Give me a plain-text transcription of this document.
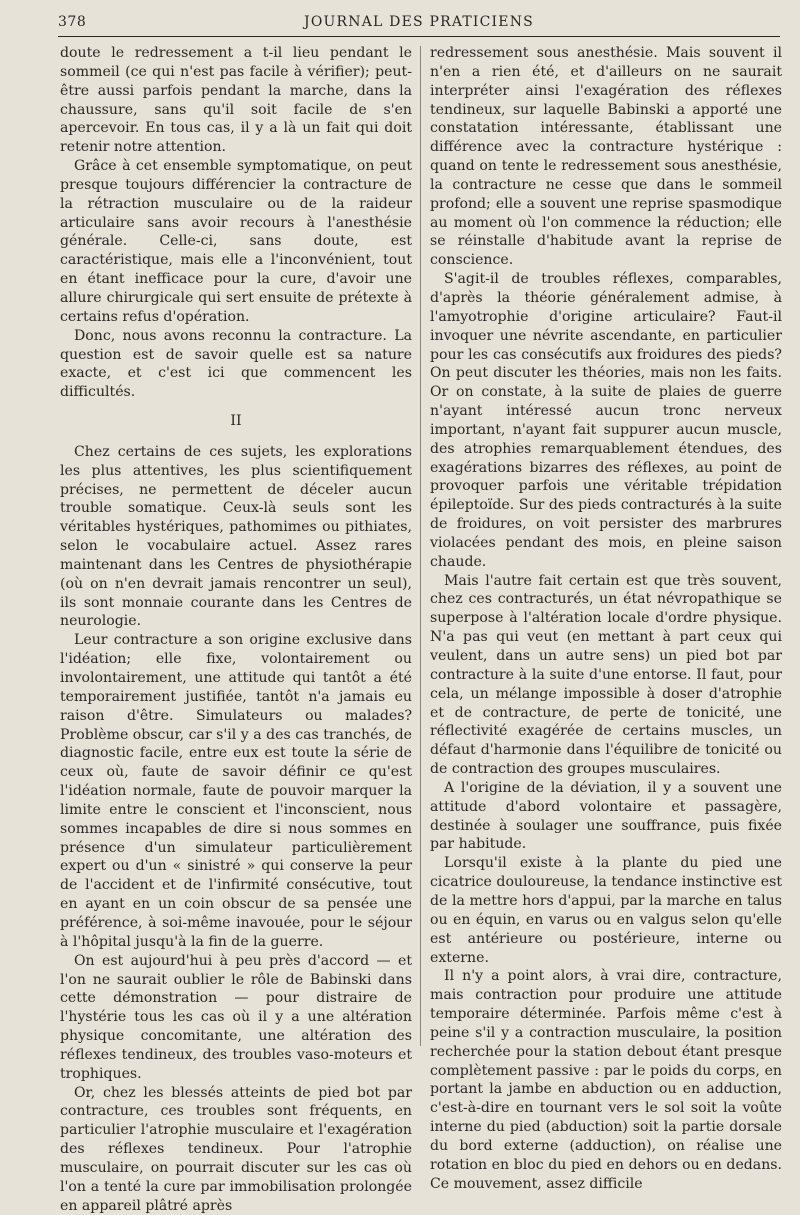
378	JOURNAL DES PRATICIENS

doute le redressement a t-il lieu pendant le sommeil (ce qui n'est pas facile à vérifier); peut-être aussi parfois pendant la marche, dans la chaussure, sans qu'il soit facile de s'en apercevoir. En tous cas, il y a là un fait qui doit retenir notre attention.

Grâce à cet ensemble symptomatique, on peut presque toujours différencier la contracture de la rétraction musculaire ou de la raideur articulaire sans avoir recours à l'anesthésie générale. Celle-ci, sans doute, est caractéristique, mais elle a l'inconvénient, tout en étant inefficace pour la cure, d'avoir une allure chirurgicale qui sert ensuite de prétexte à certains refus d'opération.

Donc, nous avons reconnu la contracture. La question est de savoir quelle est sa nature exacte, et c'est ici que commencent les difficultés.

II

Chez certains de ces sujets, les explorations les plus attentives, les plus scientifiquement précises, ne permettent de déceler aucun trouble somatique. Ceux-là seuls sont les véritables hystériques, pathomimes ou pithiates, selon le vocabulaire actuel. Assez rares maintenant dans les Centres de physiothérapie (où on n'en devrait jamais rencontrer un seul), ils sont monnaie courante dans les Centres de neurologie.

Leur contracture a son origine exclusive dans l'idéation; elle fixe, volontairement ou involontairement, une attitude qui tantôt a été temporairement justifiée, tantôt n'a jamais eu raison d'être. Simulateurs ou malades? Problème obscur, car s'il y a des cas tranchés, de diagnostic facile, entre eux est toute la série de ceux où, faute de savoir définir ce qu'est l'idéation normale, faute de pouvoir marquer la limite entre le conscient et l'inconscient, nous sommes incapables de dire si nous sommes en présence d'un simulateur particulièrement expert ou d'un « sinistré » qui conserve la peur de l'accident et de l'infirmité consécutive, tout en ayant en un coin obscur de sa pensée une préférence, à soi-même inavouée, pour le séjour à l'hôpital jusqu'à la fin de la guerre.

On est aujourd'hui à peu près d'accord — et l'on ne saurait oublier le rôle de Babinski dans cette démonstration — pour distraire de l'hystérie tous les cas où il y a une altération physique concomitante, une altération des réflexes tendineux, des troubles vaso-moteurs et trophiques.

Or, chez les blessés atteints de pied bot par contracture, ces troubles sont fréquents, en particulier l'atrophie musculaire et l'exagération des réflexes tendineux. Pour l'atrophie musculaire, on pourrait discuter sur les cas où l'on a tenté la cure par immobilisation prolongée en appareil plâtré après

redressement sous anesthésie. Mais souvent il n'en a rien été, et d'ailleurs on ne saurait interpréter ainsi l'exagération des réflexes tendineux, sur laquelle Babinski a apporté une constatation intéressante, établissant une différence avec la contracture hystérique : quand on tente le redressement sous anesthésie, la contracture ne cesse que dans le sommeil profond; elle a souvent une reprise spasmodique au moment où l'on commence la réduction; elle se réinstalle d'habitude avant la reprise de conscience.

S'agit-il de troubles réflexes, comparables, d'après la théorie généralement admise, à l'amyotrophie d'origine articulaire? Faut-il invoquer une névrite ascendante, en particulier pour les cas consécutifs aux froidures des pieds? On peut discuter les théories, mais non les faits. Or on constate, à la suite de plaies de guerre n'ayant intéressé aucun tronc nerveux important, n'ayant fait suppurer aucun muscle, des atrophies remarquablement étendues, des exagérations bizarres des réflexes, au point de provoquer parfois une véritable trépidation épileptoïde. Sur des pieds contracturés à la suite de froidures, on voit persister des marbrures violacées pendant des mois, en pleine saison chaude.

Mais l'autre fait certain est que très souvent, chez ces contracturés, un état névropathique se superpose à l'altération locale d'ordre physique. N'a pas qui veut (en mettant à part ceux qui veulent, dans un autre sens) un pied bot par contracture à la suite d'une entorse. Il faut, pour cela, un mélange impossible à doser d'atrophie et de contracture, de perte de tonicité, une réflectivité exagérée de certains muscles, un défaut d'harmonie dans l'équilibre de tonicité ou de contraction des groupes musculaires.

A l'origine de la déviation, il y a souvent une attitude d'abord volontaire et passagère, destinée à soulager une souffrance, puis fixée par habitude.

Lorsqu'il existe à la plante du pied une cicatrice douloureuse, la tendance instinctive est de la mettre hors d'appui, par la marche en talus ou en équin, en varus ou en valgus selon qu'elle est antérieure ou postérieure, interne ou externe.

Il n'y a point alors, à vrai dire, contracture, mais contraction pour produire une attitude temporaire déterminée. Parfois même c'est à peine s'il y a contraction musculaire, la position recherchée pour la station debout étant presque complètement passive : par le poids du corps, en portant la jambe en abduction ou en adduction, c'est-à-dire en tournant vers le sol soit la voûte interne du pied (abduction) soit la partie dorsale du bord externe (adduction), on réalise une rotation en bloc du pied en dehors ou en dedans. Ce mouvement, assez difficile
